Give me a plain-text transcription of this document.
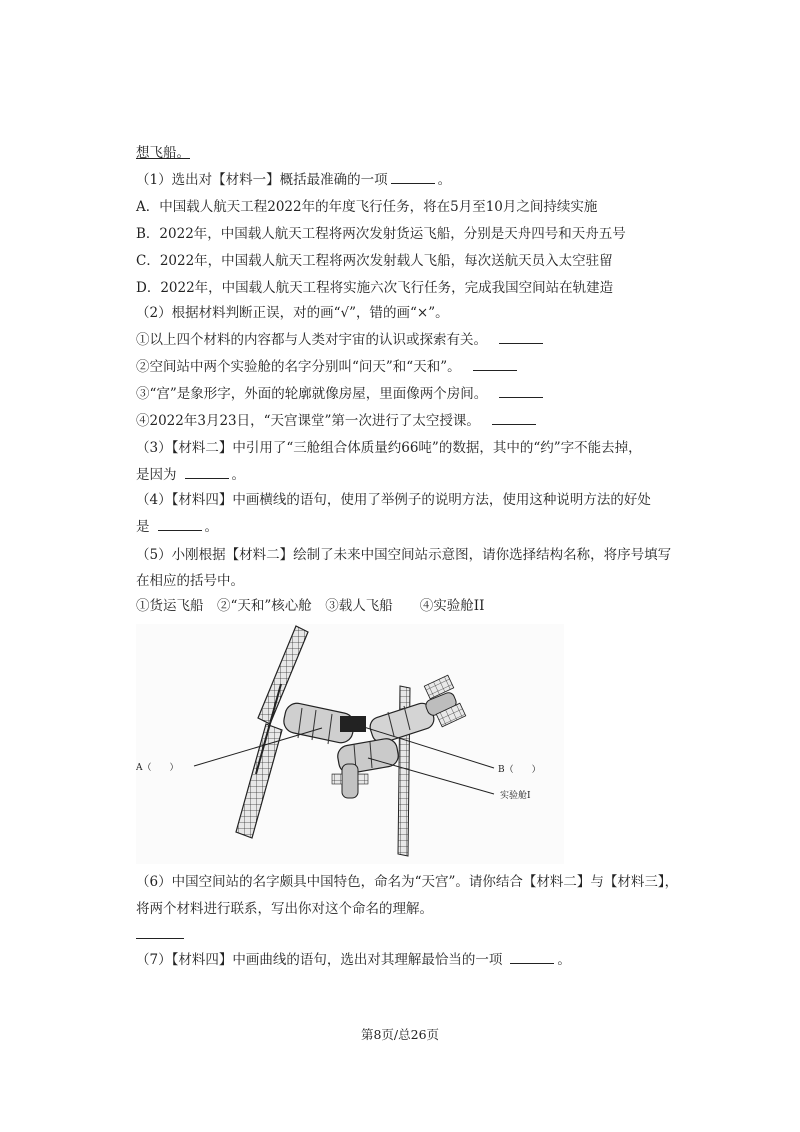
想飞船。
（1）选出对【材料一】概括最准确的一项	。
A．中国载人航天工程2022年的年度飞行任务，将在5月至10月之间持续实施
B．2022年，中国载人航天工程将两次发射货运飞船，分别是天舟四号和天舟五号
C．2022年，中国载人航天工程将两次发射载人飞船，每次送航天员入太空驻留
D．2022年，中国载人航天工程将实施六次飞行任务，完成我国空间站在轨建造
（2）根据材料判断正误，对的画“√”，错的画“×”。
①以上四个材料的内容都与人类对宇宙的认识或探索有关。
②空间站中两个实验舱的名字分别叫“问天”和“天和”。
③“宫”是象形字，外面的轮廓就像房屋，里面像两个房间。
④2022年3月23日，“天宫课堂”第一次进行了太空授课。
（3）【材料二】中引用了“三舱组合体质量约66吨”的数据，其中的“约”字不能去掉，
是因为	。
（4）【材料四】中画横线的语句，使用了举例子的说明方法，使用这种说明方法的好处
是	。
（5）小刚根据【材料二】绘制了未来中国空间站示意图，请你选择结构名称，将序号填写
在相应的括号中。
①货运飞船　②“天和”核心舱　③载人飞船　　④实验舱II
A（　　）	B（　　）
实验舱I
（6）中国空间站的名字颇具中国特色，命名为“天宫”。请你结合【材料二】与【材料三】，
将两个材料进行联系，写出你对这个命名的理解。
（7）【材料四】中画曲线的语句，选出对其理解最恰当的一项	。
第8页/总26页
